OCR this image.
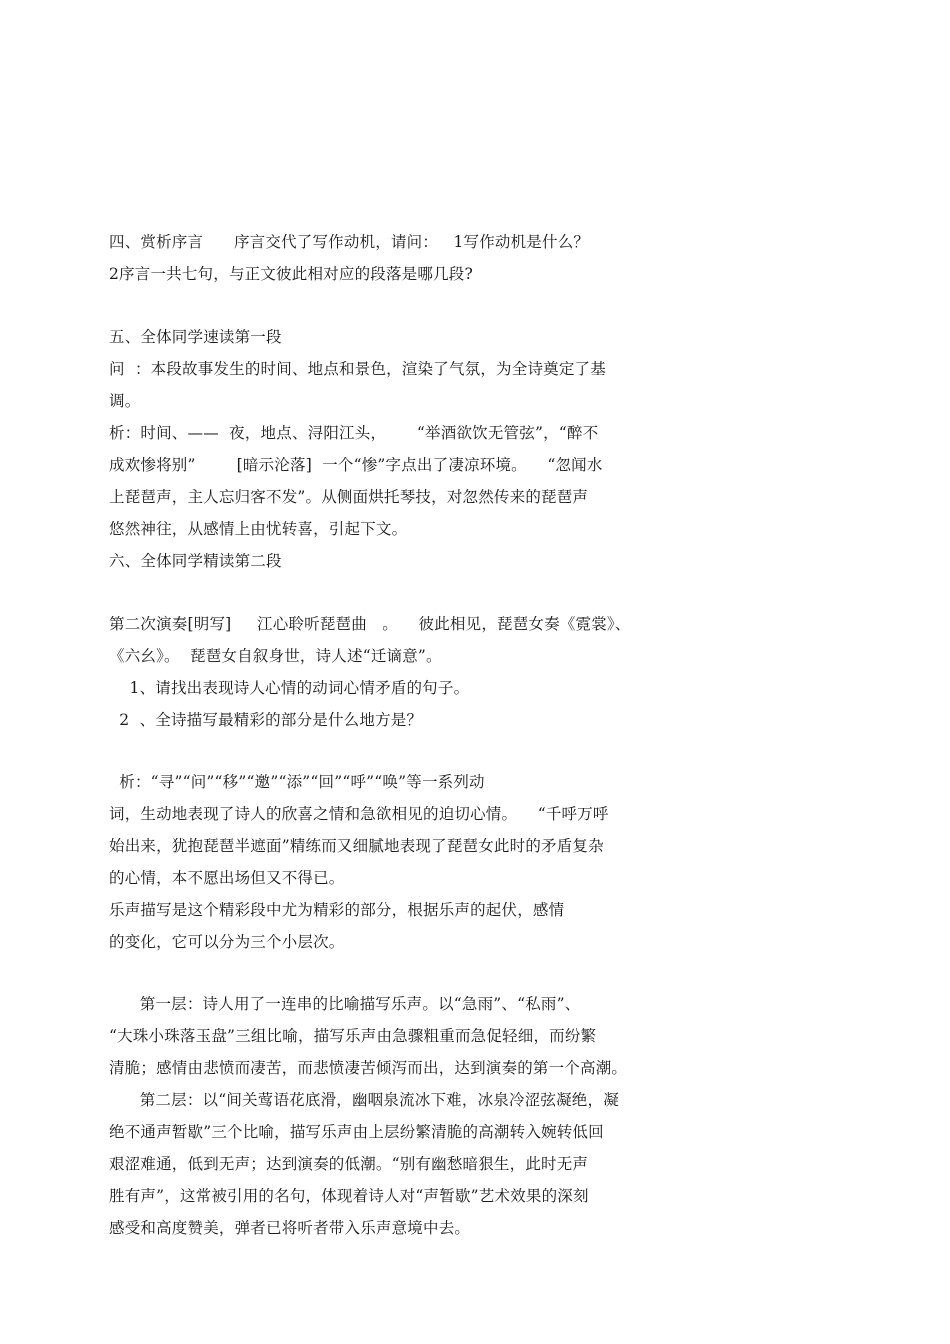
四、赏析序言      序言交代了写作动机，请问：   1写作动机是什么？
2序言一共七句，与正文彼此相对应的段落是哪几段?
五、全体同学速读第一段
问  ：本段故事发生的时间、地点和景色，渲染了气氛，为全诗奠定了基
调。
析：时间、——  夜，地点、浔阳江头，      “举酒欲饮无管弦”，“醉不
成欢惨将别”        [暗示沦落]  一个“惨”字点出了凄凉环境。    “忽闻水
上琵琶声，主人忘归客不发”。从侧面烘托琴技，对忽然传来的琵琶声
悠然神往，从感情上由忧转喜，引起下文。
六、全体同学精读第二段
第二次演奏[明写]     江心聆听琵琶曲   。    彼此相见，琵琶女奏《霓裳》、
《六幺》。  琵琶女自叙身世，诗人述“迁谪意”。
1、请找出表现诗人心情的动词心情矛盾的句子。
2  、全诗描写最精彩的部分是什么地方是？
析：“寻”“问”“移”“邀”“添”“回”“呼”“唤”等一系列动
词，生动地表现了诗人的欣喜之情和急欲相见的迫切心情。    “千呼万呼
始出来，犹抱琵琶半遮面”精练而又细腻地表现了琵琶女此时的矛盾复杂
的心情，本不愿出场但又不得已。
乐声描写是这个精彩段中尤为精彩的部分，根据乐声的起伏，感情
的变化，它可以分为三个小层次。
第一层：诗人用了一连串的比喻描写乐声。以“急雨”、“私雨”、
“大珠小珠落玉盘”三组比喻，描写乐声由急骤粗重而急促轻细，而纷繁
清脆；感情由悲愤而凄苦，而悲愤凄苦倾泻而出，达到演奏的第一个高潮。
第二层：以“间关莺语花底滑，幽咽泉流冰下难，冰泉冷涩弦凝绝，凝
绝不通声暂歇”三个比喻，描写乐声由上层纷繁清脆的高潮转入婉转低回
艰涩难通，低到无声；达到演奏的低潮。“别有幽愁暗狠生，此时无声
胜有声”，这常被引用的名句，体现着诗人对“声暂歇”艺术效果的深刻
感受和高度赞美，弹者已将听者带入乐声意境中去。
